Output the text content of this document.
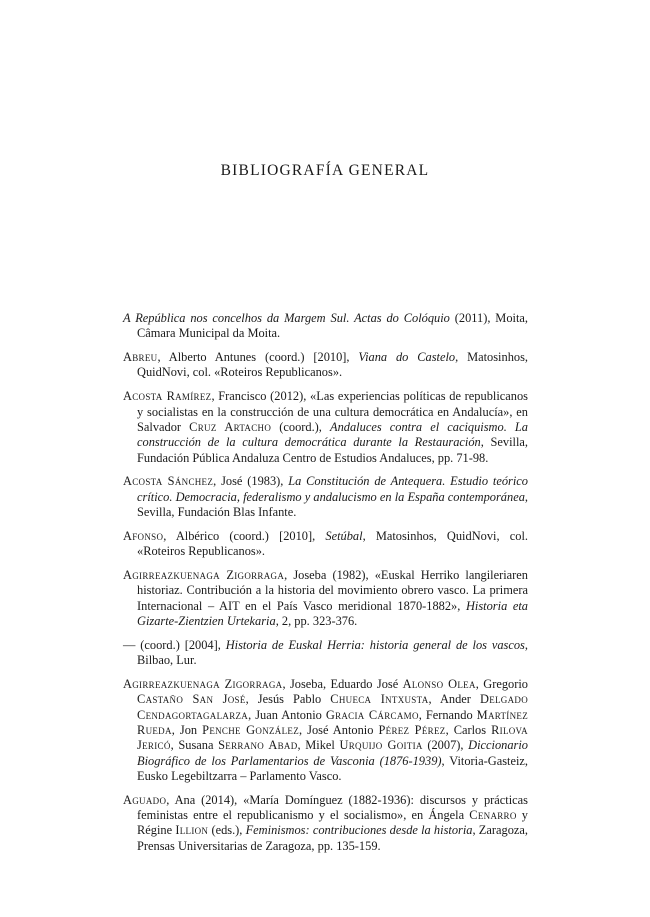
BIBLIOGRAFÍA GENERAL

A República nos concelhos da Margem Sul. Actas do Colóquio (2011), Moita, Câmara Municipal da Moita.

Abreu, Alberto Antunes (coord.) [2010], Viana do Castelo, Matosinhos, QuidNovi, col. «Roteiros Republicanos».

Acosta Ramírez, Francisco (2012), «Las experiencias políticas de republicanos y socialistas en la construcción de una cultura democrática en Andalucía», en Salvador Cruz Artacho (coord.), Andaluces contra el caciquismo. La construcción de la cultura democrática durante la Restauración, Sevilla, Fundación Pública Andaluza Centro de Estudios Andaluces, pp. 71-98.

Acosta Sánchez, José (1983), La Constitución de Antequera. Estudio teórico crítico. Democracia, federalismo y andalucismo en la España contemporánea, Sevilla, Fundación Blas Infante.

Afonso, Albérico (coord.) [2010], Setúbal, Matosinhos, QuidNovi, col. «Roteiros Republicanos».

Agirreazkuenaga Zigorraga, Joseba (1982), «Euskal Herriko langileriaren historiaz. Contribución a la historia del movimiento obrero vasco. La primera Internacional – AIT en el País Vasco meridional 1870-1882», Historia eta Gizarte-Zientzien Urtekaria, 2, pp. 323-376.

— (coord.) [2004], Historia de Euskal Herria: historia general de los vascos, Bilbao, Lur.

Agirreazkuenaga Zigorraga, Joseba, Eduardo José Alonso Olea, Gregorio Castaño San José, Jesús Pablo Chueca Intxusta, Ander Delgado Cendagortagalarza, Juan Antonio Gracia Cárcamo, Fernando Martínez Rueda, Jon Penche González, José Antonio Pérez Pérez, Carlos Rilova Jericó, Susana Serrano Abad, Mikel Urquijo Goitia (2007), Diccionario Biográfico de los Parlamentarios de Vasconia (1876-1939), Vitoria-Gasteiz, Eusko Legebiltzarra – Parlamento Vasco.

Aguado, Ana (2014), «María Domínguez (1882-1936): discursos y prácticas feministas entre el republicanismo y el socialismo», en Ángela Cenarro y Régine Illion (eds.), Feminismos: contribuciones desde la historia, Zaragoza, Prensas Universitarias de Zaragoza, pp. 135-159.
